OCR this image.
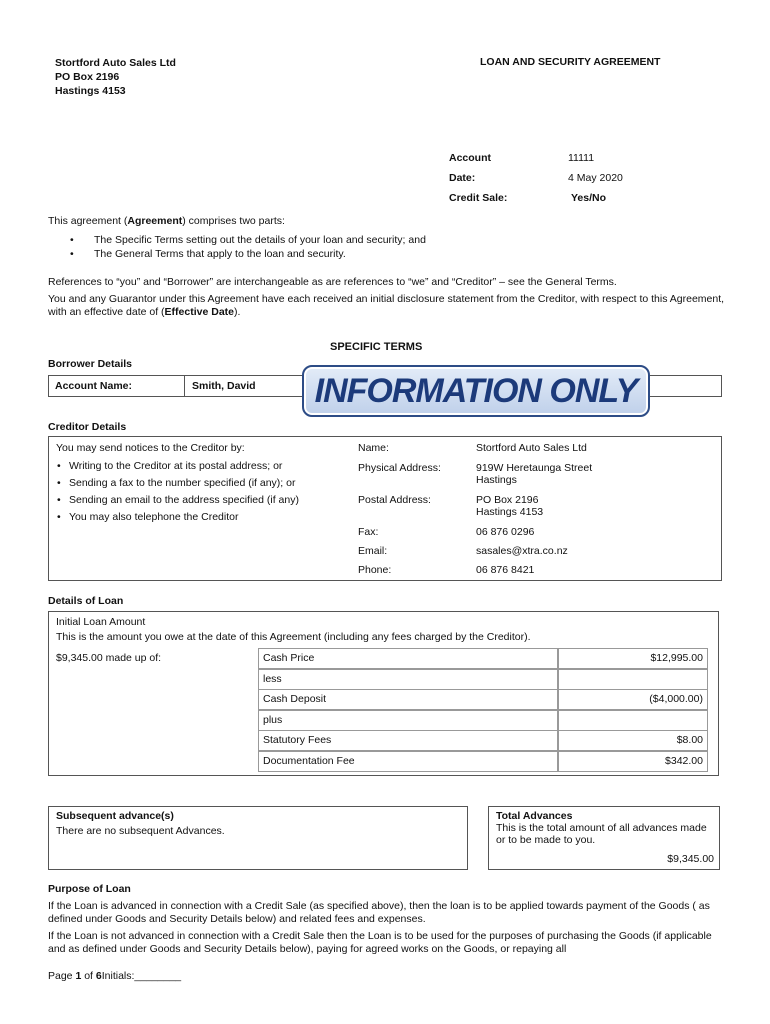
Stortford Auto Sales Ltd
PO Box 2196
Hastings 4153
LOAN AND SECURITY AGREEMENT
Account	11111
Date:	4 May 2020
Credit Sale:	Yes/No
This agreement (Agreement) comprises two parts:
• The Specific Terms setting out the details of your loan and security; and
• The General Terms that apply to the loan and security.
References to “you” and “Borrower” are interchangeable as are references to “we” and “Creditor” – see the General Terms.
You and any Guarantor under this Agreement have each received an initial disclosure statement from the Creditor, with respect to this Agreement, with an effective date of (Effective Date).
SPECIFIC TERMS
Borrower Details
Account Name:	Smith, David	INFORMATION ONLY
Creditor Details
You may send notices to the Creditor by:
• Writing to the Creditor at its postal address; or
• Sending a fax to the number specified (if any); or
• Sending an email to the address specified (if any)
• You may also telephone the Creditor
Name:	Stortford Auto Sales Ltd
Physical Address:	919W Heretaunga Street
Hastings
Postal Address:	PO Box 2196
Hastings 4153
Fax:	06 876 0296
Email:	sasales@xtra.co.nz
Phone:	06 876 8421
Details of Loan
Initial Loan Amount
This is the amount you owe at the date of this Agreement (including any fees charged by the Creditor).
$9,345.00 made up of:	Cash Price	$12,995.00
less
Cash Deposit	($4,000.00)
plus
Statutory Fees	$8.00
Documentation Fee	$342.00
Subsequent advance(s)
There are no subsequent Advances.
Total Advances
This is the total amount of all advances made or to be made to you.
$9,345.00
Purpose of Loan
If the Loan is advanced in connection with a Credit Sale (as specified above), then the loan is to be applied towards payment of the Goods ( as defined under Goods and Security Details below) and related fees and expenses.
If the Loan is not advanced in connection with a Credit Sale then the Loan is to be used for the purposes of purchasing the Goods (if applicable and as defined under Goods and Security Details below), paying for agreed works on the Goods, or repaying all
Page 1 of 6Initials:________
